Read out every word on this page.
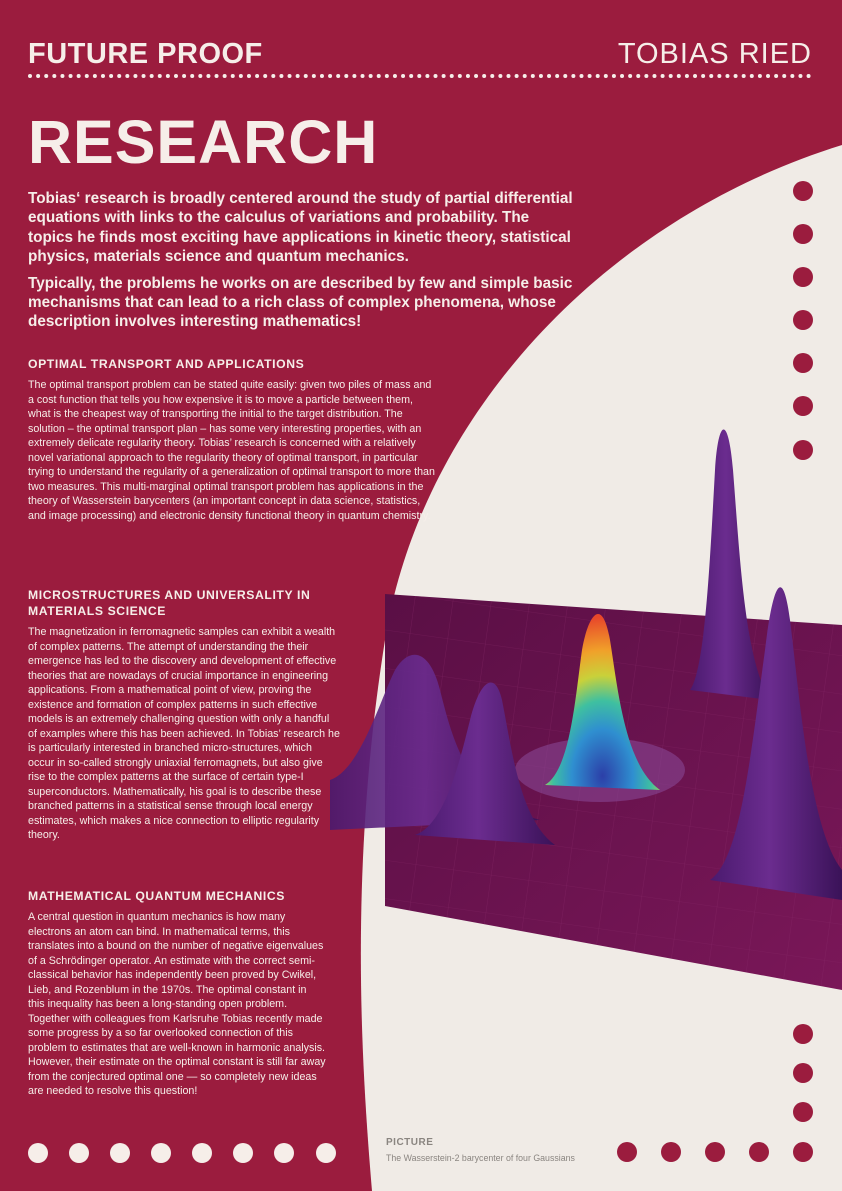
FUTURE PROOF	TOBIAS RIED
RESEARCH

Tobias‘ research is broadly centered around the study of partial differential equations with links to the calculus of variations and probability. The topics he finds most exciting have applications in kinetic theory, statistical physics, materials science and quantum mechanics.

Typically, the problems he works on are described by few and simple basic mechanisms that can lead to a rich class of complex phenomena, whose description involves interesting mathematics!

OPTIMAL TRANSPORT AND APPLICATIONS

The optimal transport problem can be stated quite easily: given two piles of mass and a cost function that tells you how expensive it is to move a particle between them, what is the cheapest way of transporting the initial to the target distribution. The solution – the optimal transport plan – has some very interesting properties, with an extremely delicate regularity theory. Tobias’ research is concerned with a relatively novel variational approach to the regularity theory of optimal transport, in particular trying to understand the regularity of a generalization of optimal transport to more than two measures. This multi-marginal optimal transport problem has applications in the theory of Wasserstein barycenters (an important concept in data science, statistics, and image processing) and electronic density functional theory in quantum chemistry.

MICROSTRUCTURES AND UNIVERSALITY IN MATERIALS SCIENCE

The magnetization in ferromagnetic samples can exhibit a wealth of complex patterns. The attempt of understanding the their emergence has led to the discovery and development of effective theories that are nowadays of crucial importance in engineering applications. From a mathematical point of view, proving the existence and formation of complex patterns in such effective models is an extremely challenging question with only a handful of examples where this has been achieved. In Tobias’ research he is particularly interested in branched micro-structures, which occur in so-called strongly uniaxial ferromagnets, but also give rise to the complex patterns at the surface of certain type-I superconductors. Mathematically, his goal is to describe these branched patterns in a statistical sense through local energy estimates, which makes a nice connection to elliptic regularity theory.

MATHEMATICAL QUANTUM MECHANICS

A central question in quantum mechanics is how many electrons an atom can bind. In mathematical terms, this translates into a bound on the number of negative eigenvalues of a Schrödinger operator. An estimate with the correct semi-classical behavior has independently been proved by Cwikel, Lieb, and Rozenblum in the 1970s. The optimal constant in this inequality has been a long-standing open problem. Together with colleagues from Karlsruhe Tobias recently made some progress by a so far overlooked connection of this problem to estimates that are well-known in harmonic analysis. However, their estimate on the optimal constant is still far away from the conjectured optimal one — so completely new ideas are needed to resolve this question!

PICTURE
The Wasserstein-2 barycenter of four Gaussians
